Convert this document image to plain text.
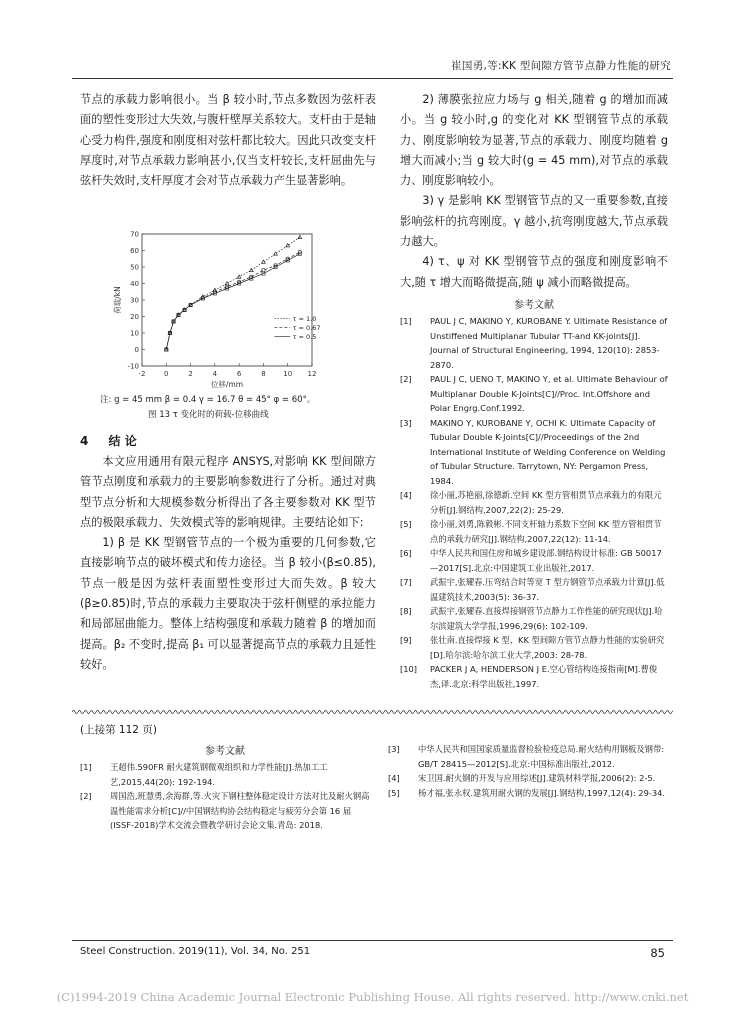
崔国勇,等:KK 型间隙方管节点静力性能的研究

节点的承载力影响很小。当 β 较小时,节点多数因为弦杆表面的塑性变形过大失效,与腹杆壁厚关系较大。支杆由于是轴心受力构件,强度和刚度相对弦杆都比较大。因此只改变支杆厚度时,对节点承载力影响甚小,仅当支杆较长,支杆屈曲先与弦杆失效时,支杆厚度才会对节点承载力产生显著影响。

-2	0	2	4	6	8	10 12
-10
0
10
20
30
40
50
60
70
位移/mm
荷载/kN
τ = 0.5
τ = 0.67
τ = 1.0
注: g = 45 mm β = 0.4 γ = 16.7 θ = 45° φ = 60°。
图 13 τ 变化时的荷载-位移曲线
4 结 论

本文应用通用有限元程序 ANSYS,对影响 KK 型间隙方管节点刚度和承载力的主要影响参数进行了分析。通过对典型节点分析和大规模参数分析得出了各主要参数对 KK 型节点的极限承载力、失效模式等的影响规律。主要结论如下:

1) β 是 KK 型钢管节点的一个极为重要的几何参数,它直接影响节点的破坏模式和传力途径。当 β 较小(β≤0.85),节点一般是因为弦杆表面塑性变形过大而失效。β 较大(β≥0.85)时,节点的承载力主要取决于弦杆侧壁的承拉能力和局部屈曲能力。整体上结构强度和承载力随着 β 的增加而提高。β₂ 不变时,提高 β₁ 可以显著提高节点的承载力且延性较好。

2) 薄膜张拉应力场与 g 相关,随着 g 的增加而减小。当 g 较小时,g 的变化对 KK 型钢管节点的承载力、刚度影响较为显著,节点的承载力、刚度均随着 g 增大而减小;当 g 较大时(g = 45 mm),对节点的承载力、刚度影响较小。

3) γ 是影响 KK 型钢管节点的又一重要参数,直接影响弦杆的抗弯刚度。γ 越小,抗弯刚度越大,节点承载力越大。

4) τ、ψ 对 KK 型钢管节点的强度和刚度影响不大,随 τ 增大而略微提高,随 ψ 减小而略微提高。

参考文献
[1]	PAUL J C, MAKINO Y, KUROBANE Y. Ultimate Resistance of Unstiffened Multiplanar Tubular TT-and KK-joints[J]. Journal of Structural Engineering, 1994, 120(10): 2853-2870.
[2]	PAUL J C, UENO T, MAKINO Y, et al. Ultimate Behaviour of Multiplanar Double K-Joints[C]//Proc. Int.Offshore and Polar Engrg.Conf.1992.
[3]	MAKINO Y, KUROBANE Y, OCHI K. Ultimate Capacity of Tubular Double K-Joints[C]//Proceedings of the 2nd International Institute of Welding Conference on Welding of Tubular Structure. Tarrytown, NY: Pergamon Press, 1984.
[4]	徐小丽,苏艳丽,徐德新.空间 KK 型方管相贯节点承载力的有限元分析[J].钢结构,2007,22(2): 25-29.
[5]	徐小丽,刘勇,陈毅彬.不同支杆轴力系数下空间 KK 型方管相贯节点的承载力研究[J].钢结构,2007,22(12): 11-14.
[6]	中华人民共和国住房和城乡建设部.钢结构设计标准: GB 50017—2017[S].北京:中国建筑工业出版社,2017.
[7]	武振宇,张耀春.压弯结合时等宽 T 型方钢管节点承载力计算[J].低温建筑技术,2003(5): 36-37.
[8]	武振宇,张耀春.直接焊接钢管节点静力工作性能的研究现状[J].哈尔滨建筑大学学报,1996,29(6): 102-109.
[9]	张壮南.直接焊接 K 型、KK 型间隙方管节点静力性能的实验研究[D].哈尔滨:哈尔滨工业大学,2003: 28-78.
[10]	PACKER J A, HENDERSON J E.空心管结构连接指南[M].曹俊杰,译.北京:科学出版社,1997.
(上接第 112 页)
参考文献
[1]	王超伟.590FR 耐火建筑钢微观组织和力学性能[J].热加工工艺,2015,44(20): 192-194.
[2]	周国浩,班慧勇,余海群,等.火灾下钢柱整体稳定设计方法对比及耐火钢高温性能需求分析[C]//中国钢结构协会结构稳定与疲劳分会第 16 届(ISSF-2018)学术交流会暨教学研讨会论文集.青岛: 2018.
[3]	中华人民共和国国家质量监督检验检疫总局.耐火结构用钢板及钢带: GB/T 28415—2012[S].北京:中国标准出版社,2012.
[4]	宋卫国.耐火钢的开发与应用综述[J].建筑材料学报,2006(2): 2-5.
[5]	杨才福,张永权.建筑用耐火钢的发展[J].钢结构,1997,12(4): 29-34.
Steel Construction. 2019(11), Vol. 34, No. 251	85
(C)1994-2019 China Academic Journal Electronic Publishing House. All rights reserved. http://www.cnki.net
